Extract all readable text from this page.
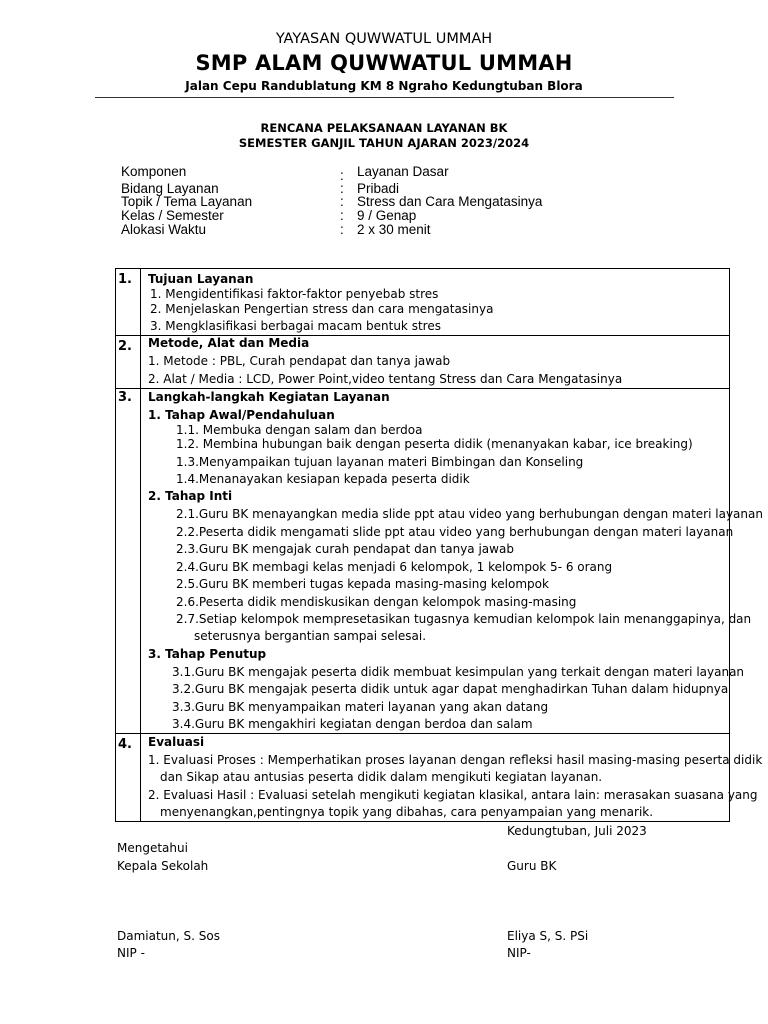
YAYASAN QUWWATUL UMMAH
SMP ALAM QUWWATUL UMMAH
Jalan Cepu Randublatung KM 8 Ngraho Kedungtuban Blora
RENCANA PELAKSANAAN LAYANAN BK
SEMESTER GANJIL TAHUN AJARAN 2023/2024
Komponen	: Layanan Dasar
Bidang Layanan	: Pribadi
Topik / Tema Layanan	: Stress dan Cara Mengatasinya
Kelas / Semester	: 9 / Genap
Alokasi Waktu	: 2 x 30 menit
1. Tujuan Layanan
1. Mengidentifikasi faktor-faktor penyebab stres
2. Menjelaskan Pengertian stress dan cara mengatasinya
3. Mengklasifikasi berbagai macam bentuk stres
2. Metode, Alat dan Media
1. Metode : PBL, Curah pendapat dan tanya jawab
2. Alat / Media : LCD, Power Point,video tentang Stress dan Cara Mengatasinya
3. Langkah-langkah Kegiatan Layanan
1. Tahap Awal/Pendahuluan
1.1. Membuka dengan salam dan berdoa
1.2. Membina hubungan baik dengan peserta didik (menanyakan kabar, ice breaking)
1.3.Menyampaikan tujuan layanan materi Bimbingan dan Konseling
1.4.Menanayakan kesiapan kepada peserta didik
2. Tahap Inti
2.1.Guru BK menayangkan media slide ppt atau video yang berhubungan dengan materi layanan
2.2.Peserta didik mengamati slide ppt atau video yang berhubungan dengan materi layanan
2.3.Guru BK mengajak curah pendapat dan tanya jawab
2.4.Guru BK membagi kelas menjadi 6 kelompok, 1 kelompok 5- 6 orang
2.5.Guru BK memberi tugas kepada masing-masing kelompok
2.6.Peserta didik mendiskusikan dengan kelompok masing-masing
2.7.Setiap kelompok mempresetasikan tugasnya kemudian kelompok lain menanggapinya, dan
seterusnya bergantian sampai selesai.
3. Tahap Penutup
3.1.Guru BK mengajak peserta didik membuat kesimpulan yang terkait dengan materi layanan
3.2.Guru BK mengajak peserta didik untuk agar dapat menghadirkan Tuhan dalam hidupnya
3.3.Guru BK menyampaikan materi layanan yang akan datang
3.4.Guru BK mengakhiri kegiatan dengan berdoa dan salam
4. Evaluasi
1. Evaluasi Proses : Memperhatikan proses layanan dengan refleksi hasil masing-masing peserta didik
dan Sikap atau antusias peserta didik dalam mengikuti kegiatan layanan.
2. Evaluasi Hasil : Evaluasi setelah mengikuti kegiatan klasikal, antara lain: merasakan suasana yang
menyenangkan,pentingnya topik yang dibahas, cara penyampaian yang menarik.
Kedungtuban, Juli 2023
Mengetahui
Kepala Sekolah	Guru BK
Damiatun, S. Sos	Eliya S, S. PSi
NIP -	NIP-
